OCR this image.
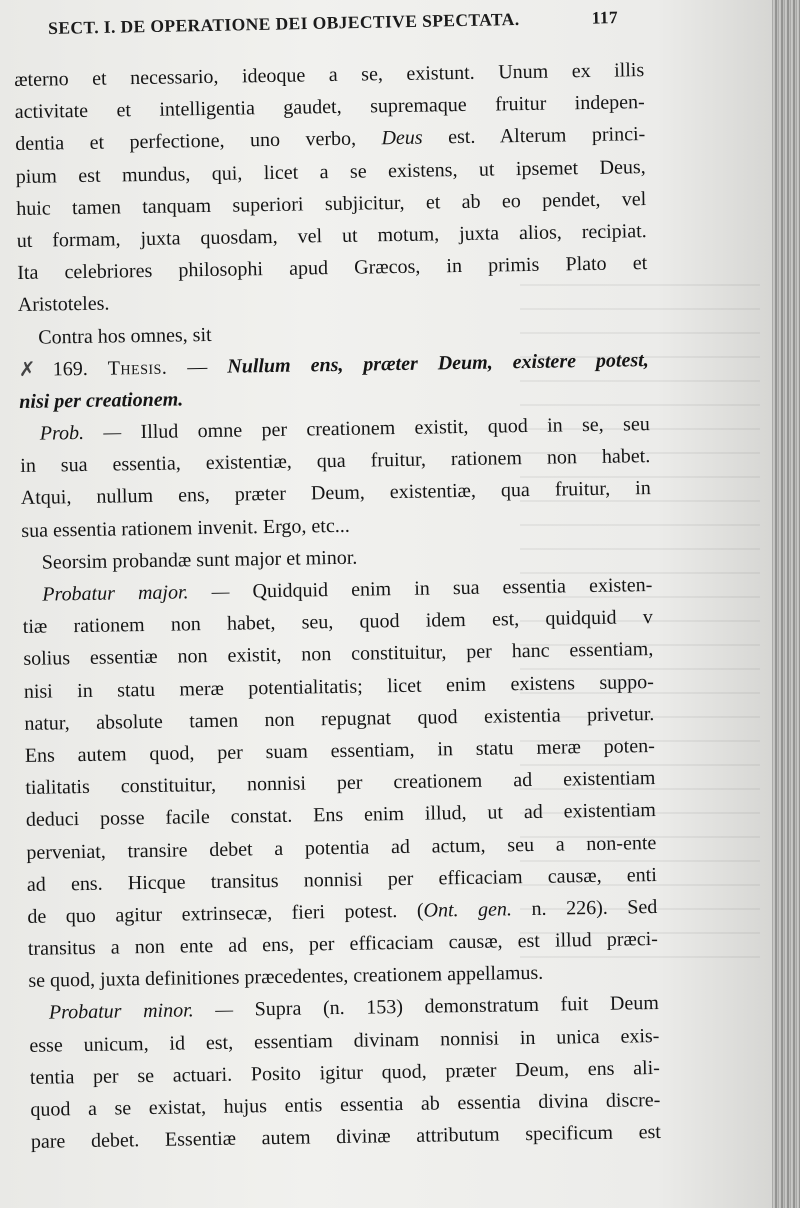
SECT. I. DE OPERATIONE DEI OBJECTIVE SPECTATA.	117
æterno et necessario, ideoque a se, existunt. Unum ex illis
activitate et intelligentia gaudet, supremaque fruitur indepen-
dentia et perfectione, uno verbo, Deus est. Alterum princi-
pium est mundus, qui, licet a se existens, ut ipsemet Deus,
huic tamen tanquam superiori subjicitur, et ab eo pendet, vel
ut formam, juxta quosdam, vel ut motum, juxta alios, recipiat.
Ita celebriores philosophi apud Græcos, in primis Plato et
Aristoteles.
Contra hos omnes, sit
✗ 169. Thesis. — Nullum ens, præter Deum, existere potest,
nisi per creationem.
Prob. — Illud omne per creationem existit, quod in se, seu
in sua essentia, existentiæ, qua fruitur, rationem non habet.
Atqui, nullum ens, præter Deum, existentiæ, qua fruitur, in
sua essentia rationem invenit. Ergo, etc...
Seorsim probandæ sunt major et minor.
Probatur major. — Quidquid enim in sua essentia existen-
tiæ rationem non habet, seu, quod idem est, quidquid v
solius essentiæ non existit, non constituitur, per hanc essentiam,
nisi in statu meræ potentialitatis; licet enim existens suppo-
natur, absolute tamen non repugnat quod existentia privetur.
Ens autem quod, per suam essentiam, in statu meræ poten-
tialitatis constituitur, nonnisi per creationem ad existentiam
deduci posse facile constat. Ens enim illud, ut ad existentiam
perveniat, transire debet a potentia ad actum, seu a non-ente
ad ens. Hicque transitus nonnisi per efficaciam causæ, enti
de quo agitur extrinsecæ, fieri potest. (Ont. gen. n. 226). Sed
transitus a non ente ad ens, per efficaciam causæ, est illud præci-
se quod, juxta definitiones præcedentes, creationem appellamus.
Probatur minor. — Supra (n. 153) demonstratum fuit Deum
esse unicum, id est, essentiam divinam nonnisi in unica exis-
tentia per se actuari. Posito igitur quod, præter Deum, ens ali-
quod a se existat, hujus entis essentia ab essentia divina discre-
pare debet. Essentiæ autem divinæ attributum specificum est
